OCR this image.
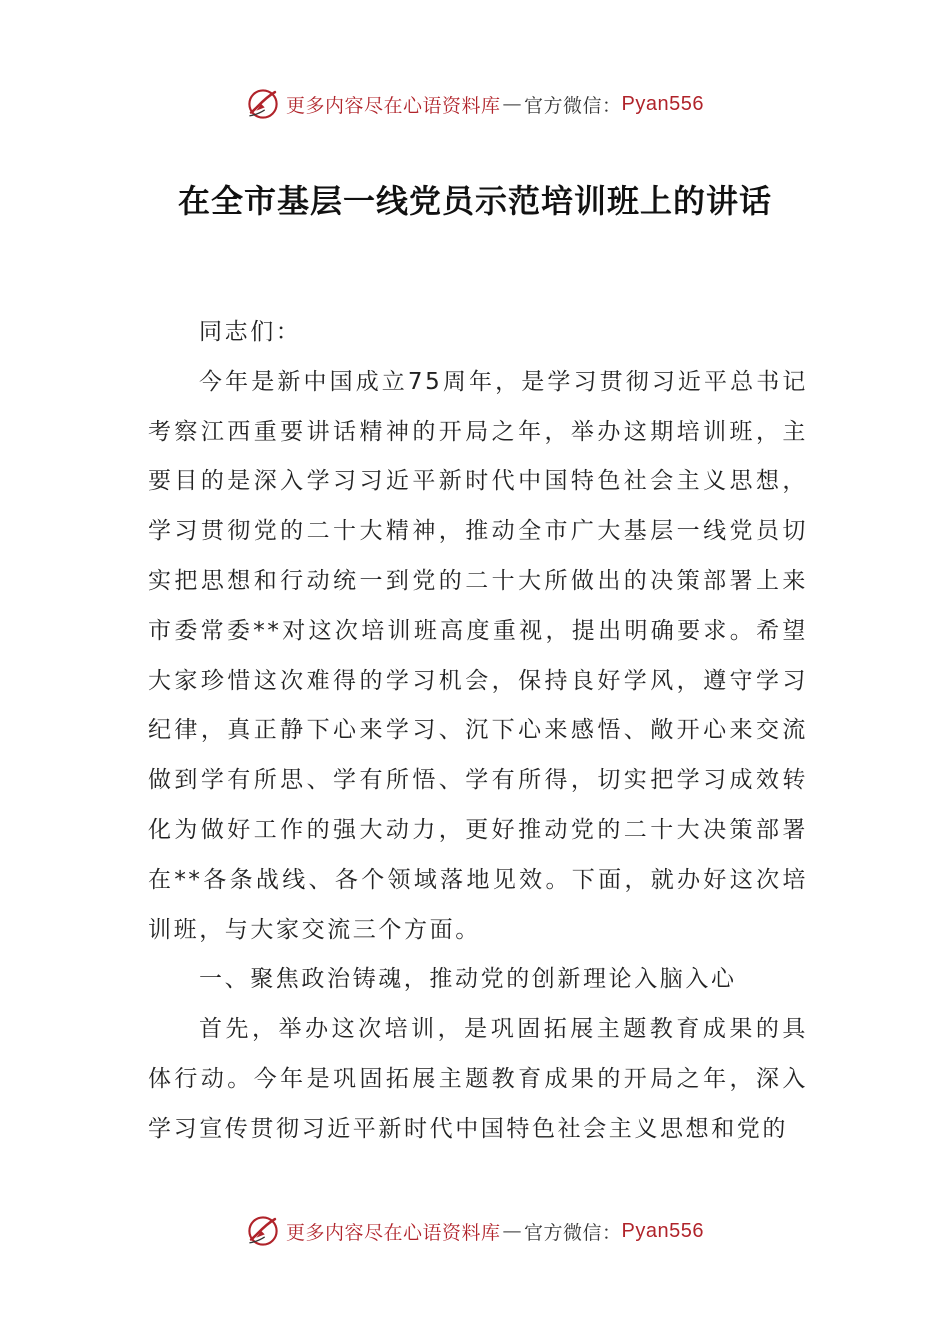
更多内容尽在心语资料库 — 官方微信： Pyan556
在全市基层一线党员示范培训班上的讲话

同志们：

今年是新中国成立75周年，是学习贯彻习近平总书记考察江西重要讲话精神的开局之年，举办这期培训班，主要目的是深入学习习近平新时代中国特色社会主义思想，学习贯彻党的二十大精神，推动全市广大基层一线党员切实把思想和行动统一到党的二十大所做出的决策部署上来市委常委**对这次培训班高度重视，提出明确要求。希望大家珍惜这次难得的学习机会，保持良好学风，遵守学习纪律，真正静下心来学习、沉下心来感悟、敞开心来交流做到学有所思、学有所悟、学有所得，切实把学习成效转化为做好工作的强大动力，更好推动党的二十大决策部署在**各条战线、各个领域落地见效。下面，就办好这次培训班，与大家交流三个方面。

一、聚焦政治铸魂，推动党的创新理论入脑入心

首先，举办这次培训，是巩固拓展主题教育成果的具体行动。今年是巩固拓展主题教育成果的开局之年，深入学习宣传贯彻习近平新时代中国特色社会主义思想和党的

更多内容尽在心语资料库 — 官方微信： Pyan556
